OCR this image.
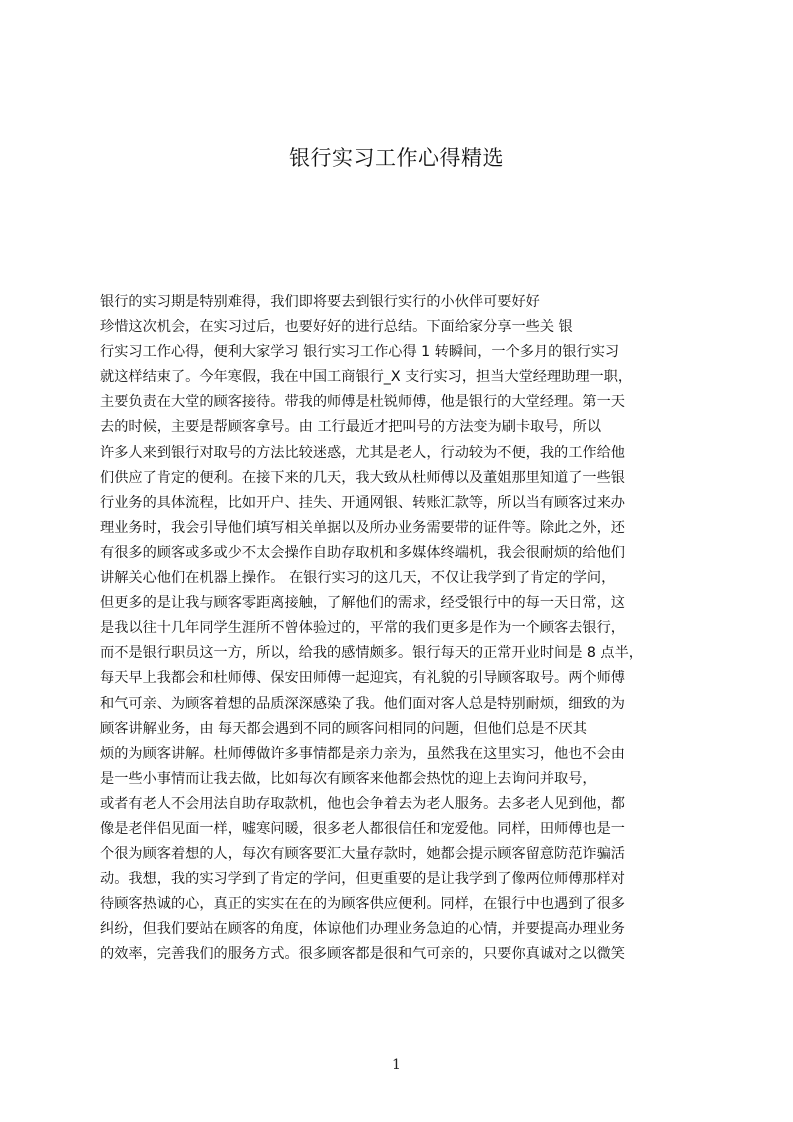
银行实习工作心得精选
银行的实习期是特别难得，我们即将要去到银行实行的小伙伴可要好好
珍惜这次机会，在实习过后，也要好好的进行总结。下面给家分享一些关 银
行实习工作心得，便利大家学习 银行实习工作心得 1 转瞬间，一个多月的银行实习
就这样结束了。今年寒假，我在中国工商银行_X 支行实习，担当大堂经理助理一职，
主要负责在大堂的顾客接待。带我的师傅是杜锐师傅，他是银行的大堂经理。第一天
去的时候，主要是帮顾客拿号。由 工行最近才把叫号的方法变为刷卡取号，所以
许多人来到银行对取号的方法比较迷惑，尤其是老人，行动较为不便，我的工作给他
们供应了肯定的便利。在接下来的几天，我大致从杜师傅以及董姐那里知道了一些银
行业务的具体流程，比如开户、挂失、开通网银、转账汇款等，所以当有顾客过来办
理业务时，我会引导他们填写相关单据以及所办业务需要带的证件等。除此之外，还
有很多的顾客或多或少不太会操作自助存取机和多媒体终端机，我会很耐烦的给他们
讲解关心他们在机器上操作。 在银行实习的这几天，不仅让我学到了肯定的学问，
但更多的是让我与顾客零距离接触，了解他们的需求，经受银行中的每一天日常，这
是我以往十几年同学生涯所不曾体验过的，平常的我们更多是作为一个顾客去银行，
而不是银行职员这一方，所以，给我的感情颇多。银行每天的正常开业时间是 8 点半，
每天早上我都会和杜师傅、保安田师傅一起迎宾，有礼貌的引导顾客取号。两个师傅
和气可亲、为顾客着想的品质深深感染了我。他们面对客人总是特别耐烦，细致的为
顾客讲解业务，由 每天都会遇到不同的顾客问相同的问题，但他们总是不厌其
烦的为顾客讲解。杜师傅做许多事情都是亲力亲为，虽然我在这里实习，他也不会由
是一些小事情而让我去做，比如每次有顾客来他都会热忱的迎上去询问并取号，
或者有老人不会用法自助存取款机，他也会争着去为老人服务。去多老人见到他，都
像是老伴侣见面一样，嘘寒问暖，很多老人都很信任和宠爱他。同样，田师傅也是一
个很为顾客着想的人，每次有顾客要汇大量存款时，她都会提示顾客留意防范诈骗活
动。我想，我的实习学到了肯定的学问，但更重要的是让我学到了像两位师傅那样对
待顾客热诚的心，真正的实实在在的为顾客供应便利。同样，在银行中也遇到了很多
纠纷，但我们要站在顾客的角度，体谅他们办理业务急迫的心情，并要提高办理业务
的效率，完善我们的服务方式。很多顾客都是很和气可亲的，只要你真诚对之以微笑
1
